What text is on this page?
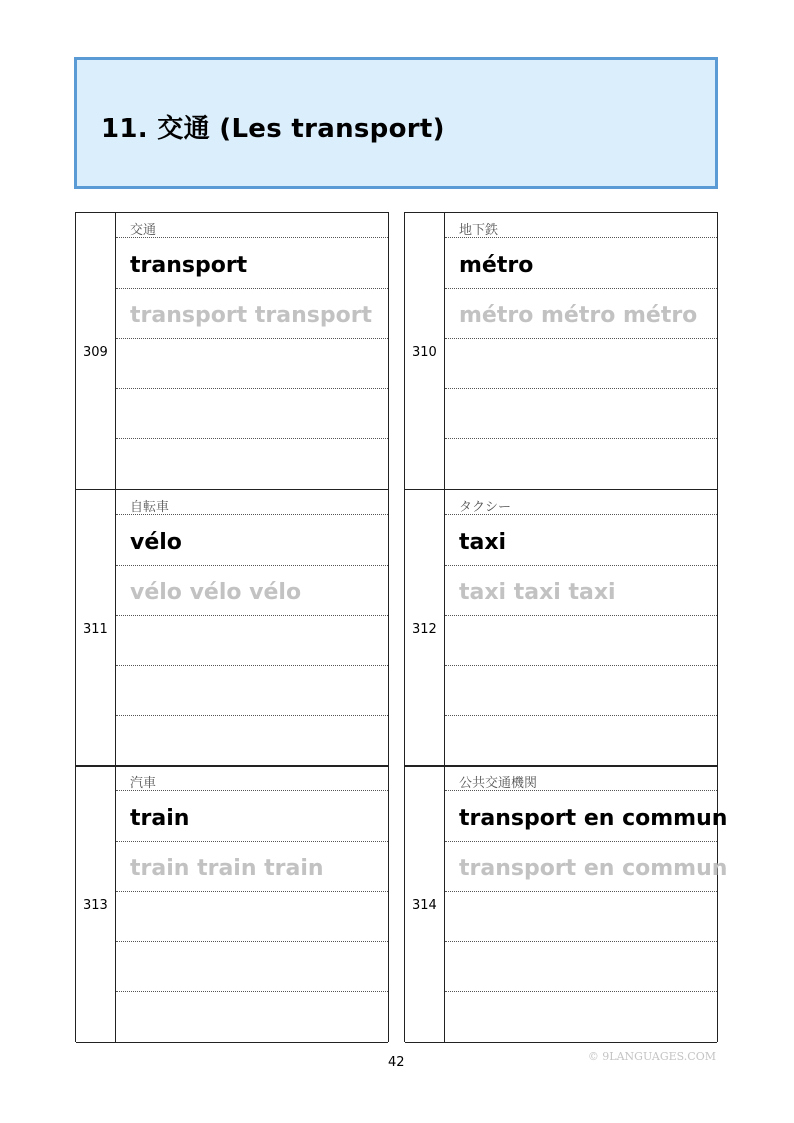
11. 交通 (Les transport)
309
交通
transport
transport transport
310
地下鉄
métro
métro métro métro
311
自転車
vélo
vélo vélo vélo
312
タクシー
taxi
taxi taxi taxi
313
汽車
train
train train train
314
公共交通機関
transport en commun
transport en commun
42	© 9LANGUAGES.COM
